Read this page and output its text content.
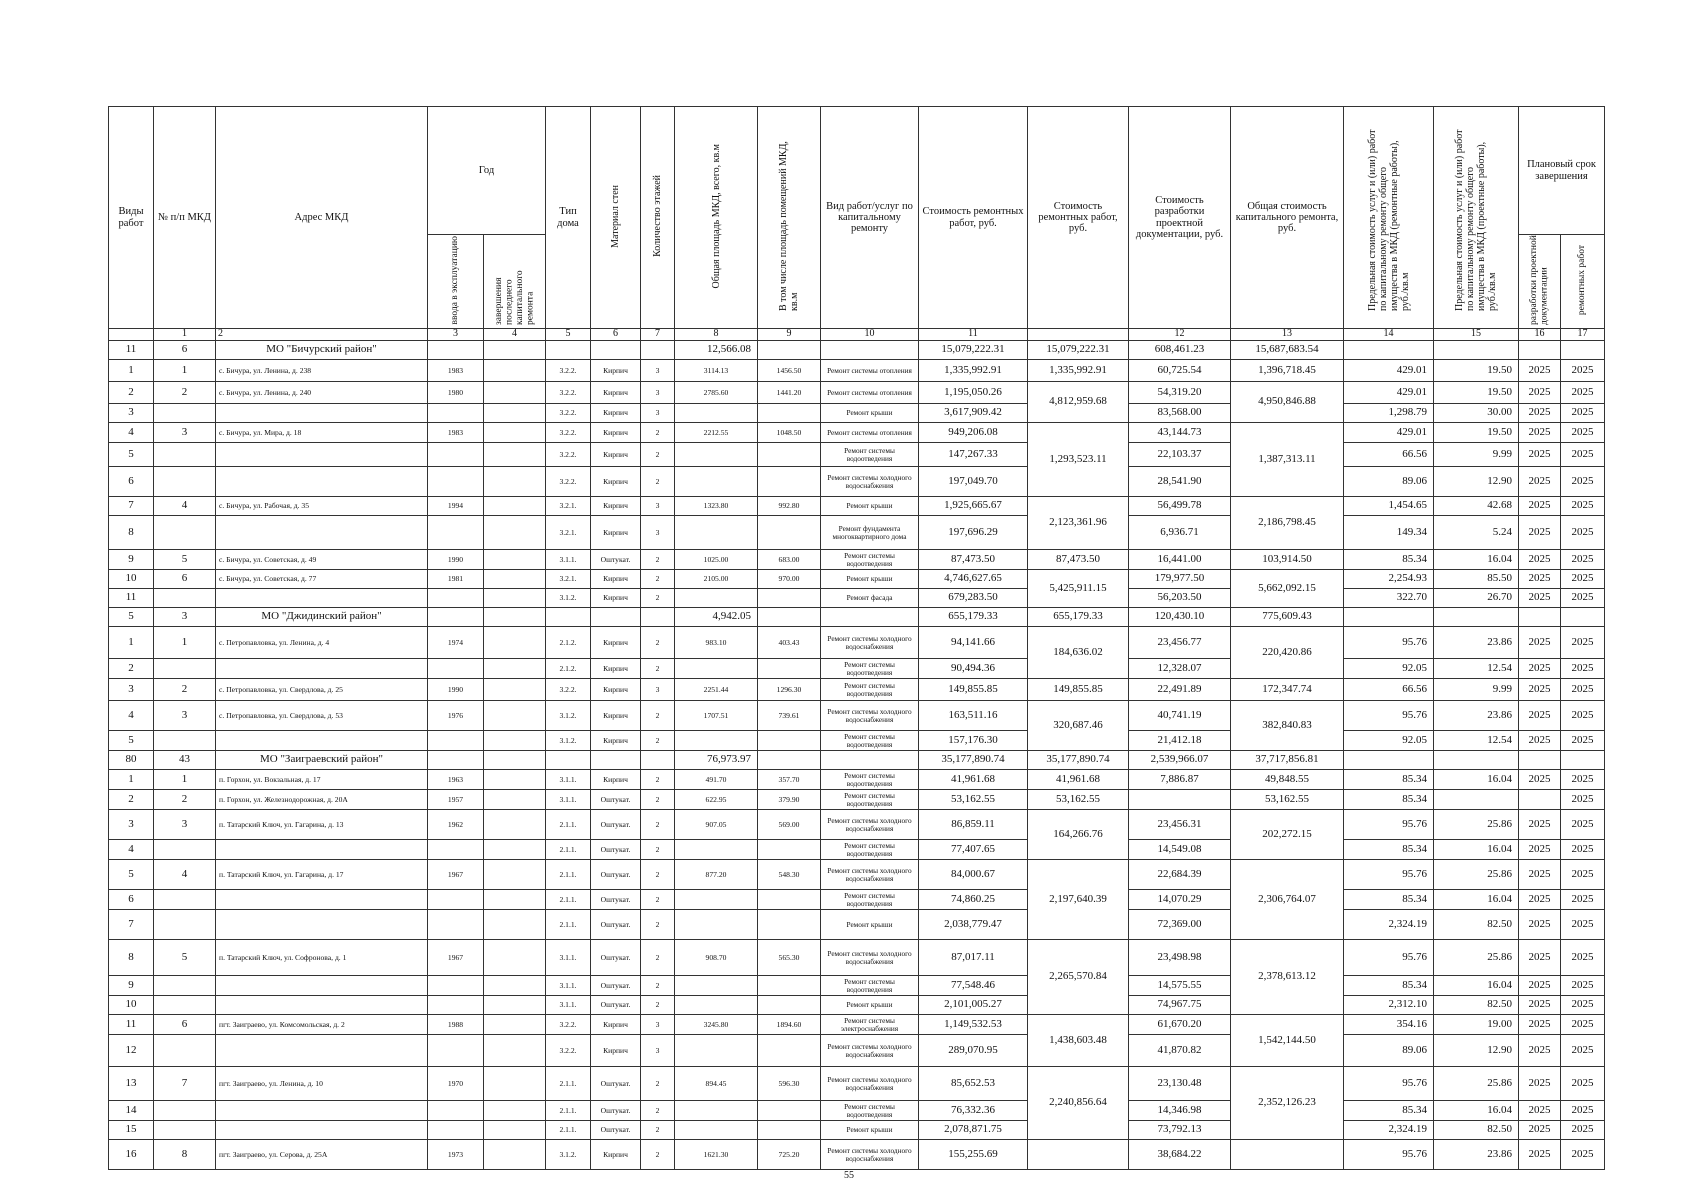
Виды работ	№ п/п МКД	Адрес МКД	Год		Тип дома	Материал стен	Количество этажей	Общая площадь МКД, всего, кв.м	В том числе площадь помещений МКД, кв.м	Вид работ/услуг по капитальному ремонту	Стоимость ремонтных работ, руб.	Стоимость ремонтных работ, руб.	Стоимость разработки проектной документации, руб.	Общая стоимость капитального ремонта, руб.	Предельная стоимость услуг и (или) работ по капитальному ремонту общего имущества в МКД (ремонтные работы), руб./кв.м	Предельная стоимость услуг и (или) работ по капитальному ремонту общего имущества в МКД (проектные работы), руб./кв.м	Плановый срок завершения	
			ввода в эксплуатацию	завершения последнего капитального ремонта													разработки проектной документации	ремонтных работ
	1	2	3	4	5	6	7	8	9	10	11		12	13	14	15	16	17
11	6	МО "Бичурский район"						12,566.08			15,079,222.31	15,079,222.31	608,461.23	15,687,683.54				
1	1	с. Бичура, ул. Ленина, д. 238	1983		3.2.2.	Кирпич	3	3114.13	1456.50	Ремонт системы отопления	1,335,992.91	1,335,992.91	60,725.54	1,396,718.45	429.01	19.50	2025	2025
2	2	с. Бичура, ул. Ленина, д. 240	1980		3.2.2.	Кирпич	3	2785.60	1441.20	Ремонт системы отопления	1,195,050.26	4,812,959.68	54,319.20	4,950,846.88	429.01	19.50	2025	2025
3					3.2.2.	Кирпич	3			Ремонт крыши	3,617,909.42		83,568.00		1,298.79	30.00	2025	2025
4	3	с. Бичура, ул. Мира, д. 18	1983		3.2.2.	Кирпич	2	2212.55	1048.50	Ремонт системы отопления	949,206.08	1,293,523.11	43,144.73	1,387,313.11	429.01	19.50	2025	2025
5					3.2.2.	Кирпич	2			Ремонт системы водоотведения	147,267.33		22,103.37		66.56	9.99	2025	2025
6					3.2.2.	Кирпич	2			Ремонт системы холодного водоснабжения	197,049.70		28,541.90		89.06	12.90	2025	2025
7	4	с. Бичура, ул. Рабочая, д. 35	1994		3.2.1.	Кирпич	3	1323.80	992.80	Ремонт крыши	1,925,665.67	2,123,361.96	56,499.78	2,186,798.45	1,454.65	42.68	2025	2025
8					3.2.1.	Кирпич	3			Ремонт фундамента многоквартирного дома	197,696.29		6,936.71		149.34	5.24	2025	2025
9	5	с. Бичура, ул. Советская, д. 49	1990		3.1.1.	Оштукат.	2	1025.00	683.00	Ремонт системы водоотведения	87,473.50	87,473.50	16,441.00	103,914.50	85.34	16.04	2025	2025
10	6	с. Бичура, ул. Советская, д. 77	1981		3.2.1.	Кирпич	2	2105.00	970.00	Ремонт крыши	4,746,627.65	5,425,911.15	179,977.50	5,662,092.15	2,254.93	85.50	2025	2025
11					3.1.2.	Кирпич	2			Ремонт фасада	679,283.50		56,203.50		322.70	26.70	2025	2025
5	3	МО "Джидинский район"						4,942.05			655,179.33	655,179.33	120,430.10	775,609.43				
1	1	с. Петропавловка, ул. Ленина, д. 4	1974		2.1.2.	Кирпич	2	983.10	403.43	Ремонт системы холодного водоснабжения	94,141.66	184,636.02	23,456.77	220,420.86	95.76	23.86	2025	2025
2					2.1.2.	Кирпич	2			Ремонт системы водоотведения	90,494.36		12,328.07		92.05	12.54	2025	2025
3	2	с. Петропавловка, ул. Свердлова, д. 25	1990		3.2.2.	Кирпич	3	2251.44	1296.30	Ремонт системы водоотведения	149,855.85	149,855.85	22,491.89	172,347.74	66.56	9.99	2025	2025
4	3	с. Петропавловка, ул. Свердлова, д. 53	1976		3.1.2.	Кирпич	2	1707.51	739.61	Ремонт системы холодного водоснабжения	163,511.16	320,687.46	40,741.19	382,840.83	95.76	23.86	2025	2025
5					3.1.2.	Кирпич	2			Ремонт системы водоотведения	157,176.30		21,412.18		92.05	12.54	2025	2025
80	43	МО "Заиграевский район"						76,973.97			35,177,890.74	35,177,890.74	2,539,966.07	37,717,856.81				
1	1	п. Горхон, ул. Вокзальная, д. 17	1963		3.1.1.	Кирпич	2	491.70	357.70	Ремонт системы водоотведения	41,961.68	41,961.68	7,886.87	49,848.55	85.34	16.04	2025	2025
2	2	п. Горхон, ул. Железнодорожная, д. 20А	1957		3.1.1.	Оштукат.	2	622.95	379.90	Ремонт системы водоотведения	53,162.55	53,162.55		53,162.55	85.34			2025
3	3	п. Татарский Ключ, ул. Гагарина, д. 13	1962		2.1.1.	Оштукат.	2	907.05	569.00	Ремонт системы холодного водоснабжения	86,859.11	164,266.76	23,456.31	202,272.15	95.76	25.86	2025	2025
4					2.1.1.	Оштукат.	2			Ремонт системы водоотведения	77,407.65		14,549.08		85.34	16.04	2025	2025
5	4	п. Татарский Ключ, ул. Гагарина, д. 17	1967		2.1.1.	Оштукат.	2	877.20	548.30	Ремонт системы холодного водоснабжения	84,000.67	2,197,640.39	22,684.39	2,306,764.07	95.76	25.86	2025	2025
6					2.1.1.	Оштукат.	2			Ремонт системы водоотведения	74,860.25		14,070.29		85.34	16.04	2025	2025
7					2.1.1.	Оштукат.	2			Ремонт крыши	2,038,779.47		72,369.00		2,324.19	82.50	2025	2025
8	5	п. Татарский Ключ, ул. Софронова, д. 1	1967		3.1.1.	Оштукат.	2	908.70	565.30	Ремонт системы холодного водоснабжения	87,017.11	2,265,570.84	23,498.98	2,378,613.12	95.76	25.86	2025	2025
9					3.1.1.	Оштукат.	2			Ремонт системы водоотведения	77,548.46		14,575.55		85.34	16.04	2025	2025
10					3.1.1.	Оштукат.	2			Ремонт крыши	2,101,005.27		74,967.75		2,312.10	82.50	2025	2025
11	6	пгт. Заиграево, ул. Комсомольская, д. 2	1988		3.2.2.	Кирпич	3	3245.80	1894.60	Ремонт системы электроснабжения	1,149,532.53	1,438,603.48	61,670.20	1,542,144.50	354.16	19.00	2025	2025
12					3.2.2.	Кирпич	3			Ремонт системы холодного водоснабжения	289,070.95		41,870.82		89.06	12.90	2025	2025
13	7	пгт. Заиграево, ул. Ленина, д. 10	1970		2.1.1.	Оштукат.	2	894.45	596.30	Ремонт системы холодного водоснабжения	85,652.53	2,240,856.64	23,130.48	2,352,126.23	95.76	25.86	2025	2025
14					2.1.1.	Оштукат.	2			Ремонт системы водоотведения	76,332.36		14,346.98		85.34	16.04	2025	2025
15					2.1.1.	Оштукат.	2			Ремонт крыши	2,078,871.75		73,792.13		2,324.19	82.50	2025	2025
16	8	пгт. Заиграево, ул. Серова, д. 25А	1973		3.1.2.	Кирпич	2	1621.30	725.20	Ремонт системы холодного водоснабжения	155,255.69		38,684.22		95.76	23.86	2025	2025
55
